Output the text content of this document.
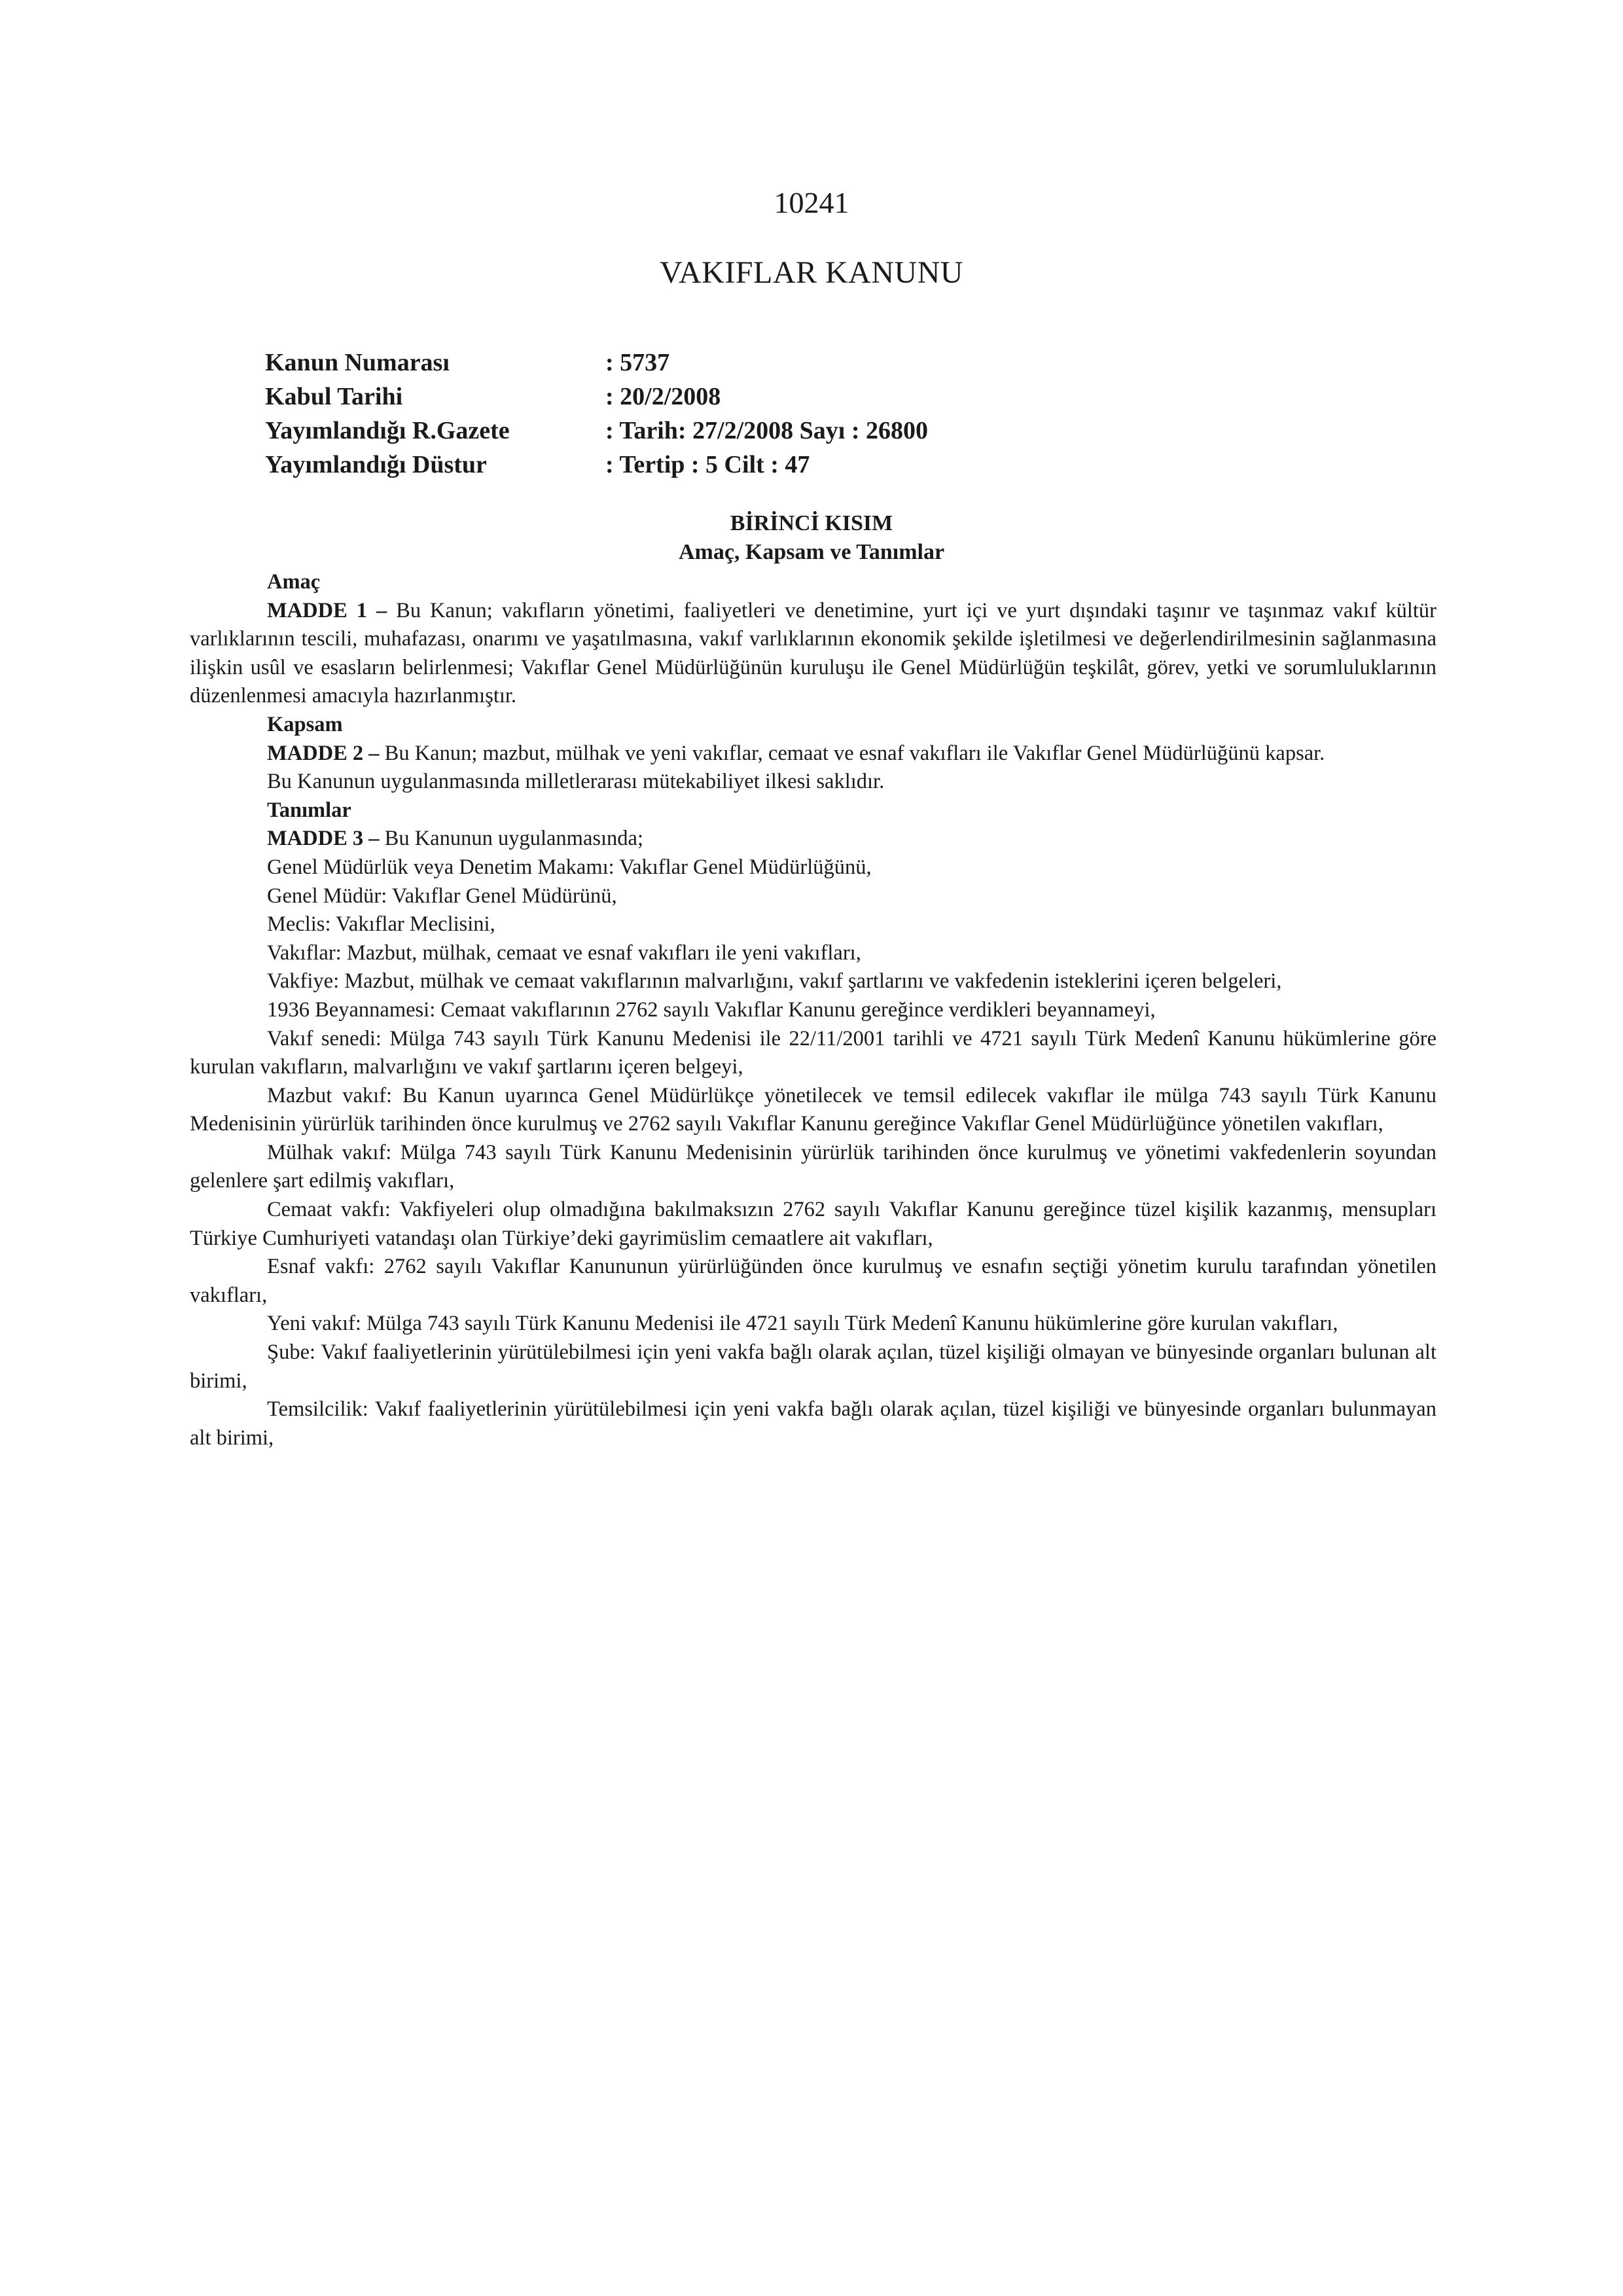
10241
VAKIFLAR KANUNU
Kanun Numarası	: 5737
Kabul Tarihi	: 20/2/2008
Yayımlandığı R.Gazete	: Tarih: 27/2/2008 Sayı : 26800
Yayımlandığı Düstur	: Tertip : 5 Cilt : 47
BİRİNCİ KISIM
Amaç, Kapsam ve Tanımlar
Amaç

MADDE 1 – Bu Kanun; vakıfların yönetimi, faaliyetleri ve denetimine, yurt içi ve yurt dışındaki taşınır ve taşınmaz vakıf kültür varlıklarının tescili, muhafazası, onarımı ve yaşatılmasına, vakıf varlıklarının ekonomik şekilde işletilmesi ve değerlendirilmesinin sağlanmasına ilişkin usûl ve esasların belirlenmesi; Vakıflar Genel Müdürlüğünün kuruluşu ile Genel Müdürlüğün teşkilât, görev, yetki ve sorumluluklarının düzenlenmesi amacıyla hazırlanmıştır.

Kapsam

MADDE 2 – Bu Kanun; mazbut, mülhak ve yeni vakıflar, cemaat ve esnaf vakıfları ile Vakıflar Genel Müdürlüğünü kapsar.

Bu Kanunun uygulanmasında milletlerarası mütekabiliyet ilkesi saklıdır.

Tanımlar

MADDE 3 – Bu Kanunun uygulanmasında;

Genel Müdürlük veya Denetim Makamı: Vakıflar Genel Müdürlüğünü,

Genel Müdür: Vakıflar Genel Müdürünü,

Meclis: Vakıflar Meclisini,

Vakıflar: Mazbut, mülhak, cemaat ve esnaf vakıfları ile yeni vakıfları,

Vakfiye: Mazbut, mülhak ve cemaat vakıflarının malvarlığını, vakıf şartlarını ve vakfedenin isteklerini içeren belgeleri,

1936 Beyannamesi: Cemaat vakıflarının 2762 sayılı Vakıflar Kanunu gereğince verdikleri beyannameyi,

Vakıf senedi: Mülga 743 sayılı Türk Kanunu Medenisi ile 22/11/2001 tarihli ve 4721 sayılı Türk Medenî Kanunu hükümlerine göre kurulan vakıfların, malvarlığını ve vakıf şartlarını içeren belgeyi,

Mazbut vakıf: Bu Kanun uyarınca Genel Müdürlükçe yönetilecek ve temsil edilecek vakıflar ile mülga 743 sayılı Türk Kanunu Medenisinin yürürlük tarihinden önce kurulmuş ve 2762 sayılı Vakıflar Kanunu gereğince Vakıflar Genel Müdürlüğünce yönetilen vakıfları,

Mülhak vakıf: Mülga 743 sayılı Türk Kanunu Medenisinin yürürlük tarihinden önce kurulmuş ve yönetimi vakfedenlerin soyundan gelenlere şart edilmiş vakıfları,

Cemaat vakfı: Vakfiyeleri olup olmadığına bakılmaksızın 2762 sayılı Vakıflar Kanunu gereğince tüzel kişilik kazanmış, mensupları Türkiye Cumhuriyeti vatandaşı olan Türkiye’deki gayrimüslim cemaatlere ait vakıfları,

Esnaf vakfı: 2762 sayılı Vakıflar Kanununun yürürlüğünden önce kurulmuş ve esnafın seçtiği yönetim kurulu tarafından yönetilen vakıfları,

Yeni vakıf: Mülga 743 sayılı Türk Kanunu Medenisi ile 4721 sayılı Türk Medenî Kanunu hükümlerine göre kurulan vakıfları,

Şube: Vakıf faaliyetlerinin yürütülebilmesi için yeni vakfa bağlı olarak açılan, tüzel kişiliği olmayan ve bünyesinde organları bulunan alt birimi,

Temsilcilik: Vakıf faaliyetlerinin yürütülebilmesi için yeni vakfa bağlı olarak açılan, tüzel kişiliği ve bünyesinde organları bulunmayan alt birimi,
